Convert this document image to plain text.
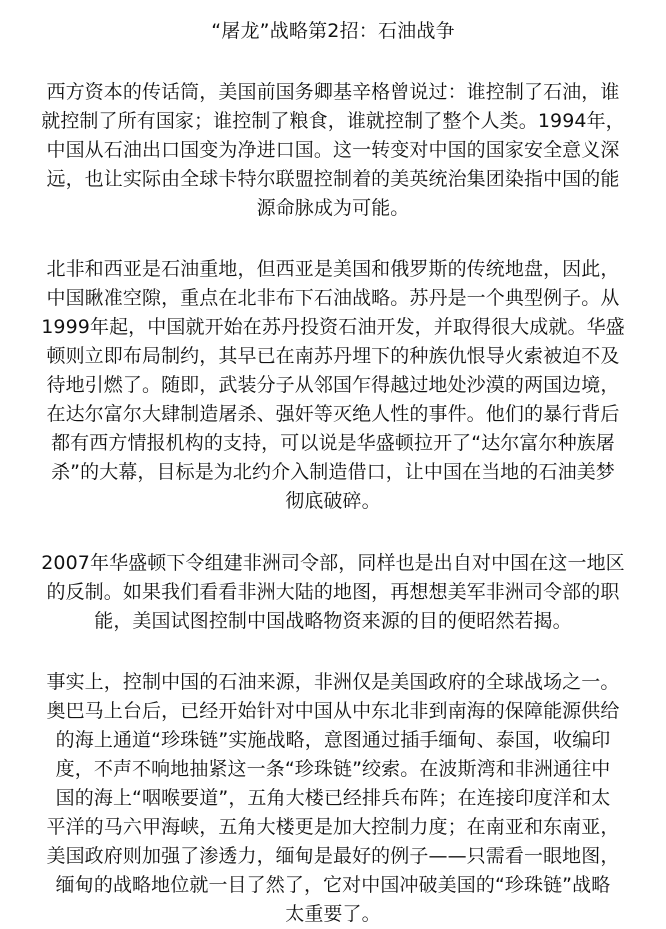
“屠龙”战略第2招：石油战争
西方资本的传话筒，美国前国务卿基辛格曾说过：谁控制了石油，谁
就控制了所有国家；谁控制了粮食，谁就控制了整个人类。1994年，
中国从石油出口国变为净进口国。这一转变对中国的国家安全意义深
远，也让实际由全球卡特尔联盟控制着的美英统治集团染指中国的能
源命脉成为可能。
北非和西亚是石油重地，但西亚是美国和俄罗斯的传统地盘，因此，
中国瞅准空隙，重点在北非布下石油战略。苏丹是一个典型例子。从
1999年起，中国就开始在苏丹投资石油开发，并取得很大成就。华盛
顿则立即布局制约，其早已在南苏丹埋下的种族仇恨导火索被迫不及
待地引燃了。随即，武装分子从邻国乍得越过地处沙漠的两国边境，
在达尔富尔大肆制造屠杀、强奸等灭绝人性的事件。他们的暴行背后
都有西方情报机构的支持，可以说是华盛顿拉开了“达尔富尔种族屠
杀”的大幕，目标是为北约介入制造借口，让中国在当地的石油美梦
彻底破碎。
2007年华盛顿下令组建非洲司令部，同样也是出自对中国在这一地区
的反制。如果我们看看非洲大陆的地图，再想想美军非洲司令部的职
能，美国试图控制中国战略物资来源的目的便昭然若揭。
事实上，控制中国的石油来源，非洲仅是美国政府的全球战场之一。
奥巴马上台后，已经开始针对中国从中东北非到南海的保障能源供给
的海上通道“珍珠链”实施战略，意图通过插手缅甸、泰国，收编印
度，不声不响地抽紧这一条“珍珠链”绞索。在波斯湾和非洲通往中
国的海上“咽喉要道”，五角大楼已经排兵布阵；在连接印度洋和太
平洋的马六甲海峡，五角大楼更是加大控制力度；在南亚和东南亚，
美国政府则加强了渗透力，缅甸是最好的例子——只需看一眼地图，
缅甸的战略地位就一目了然了，它对中国冲破美国的“珍珠链”战略
太重要了。
